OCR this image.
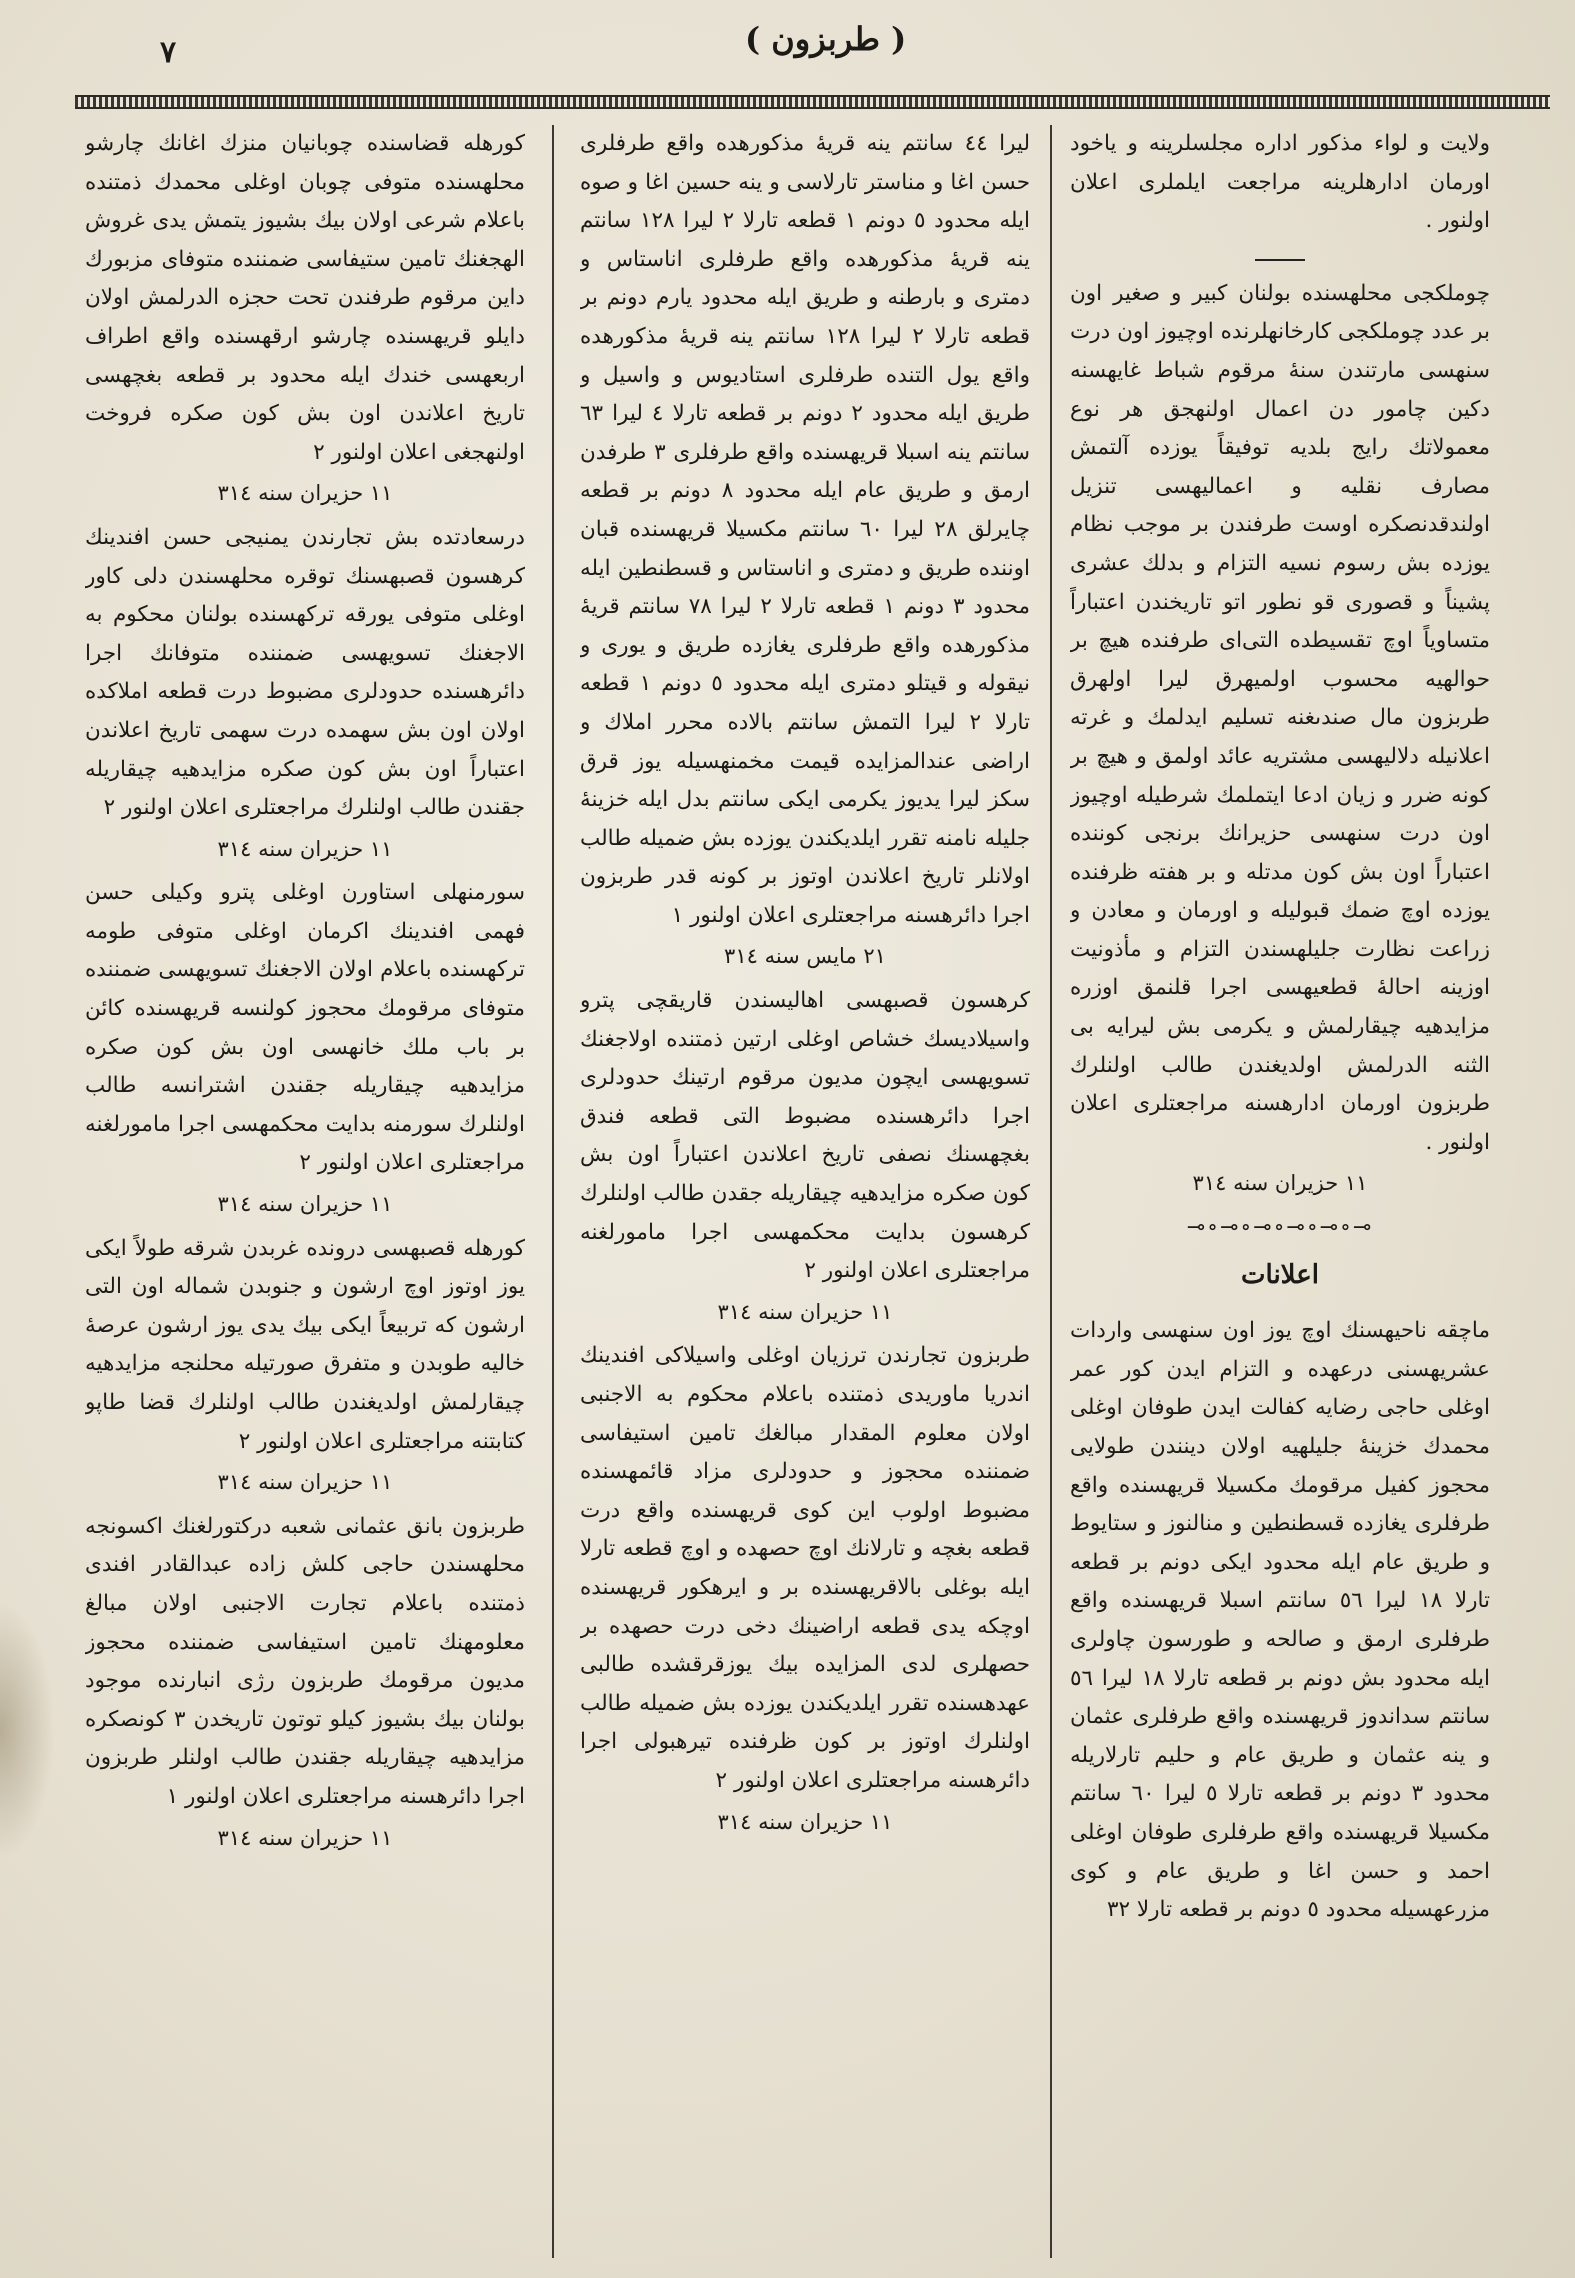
٧	( طربزون )

ولايت و لواء مذكور اداره مجلسلرينه و ياخود اورمان ادارهلرينه مراجعت ايلملرى اعلان اولنور .

چوملكجى محلهسنده بولنان كبير و صغير اون بر عدد چوملكجى كارخانهلرنده اوچيوز اون درت سنهسى مارتندن سنهٔ مرقوم شباط غايهسنه دكين چامور دن اعمال اولنهجق هر نوع معمولاتك رايج بلديه توفيقاً يوزده آلتمش مصارف نقليه و اعماليهسى تنزيل اولندقدنصكره اوست طرفندن بر موجب نظام يوزده بش رسوم نسيه التزام و بدلك عشرى پشيناً و قصورى قو نطور اتو تاريخندن اعتباراً متساوياً اوچ تقسيطده التى‌اى طرفنده هيچ بر حوالهيه محسوب اولميهرق ليرا اولهرق طربزون مال صندىغنه تسليم ايدلمك و غرته اعلانيله دلاليهسى مشتريه عائد اولمق و هيچ بر كونه ضرر و زيان ادعا ايتملمك شرطيله اوچيوز اون درت سنهسى حزيرانك برنجى كوننده اعتباراً اون بش كون مدتله و بر هفته ظرفنده يوزده اوچ ضمك قبوليله و اورمان و معادن و زراعت نظارت جليلهسندن التزام و مأذونيت اوزينه احالهٔ قطعيهسى اجرا قلنمق اوزره مزايدهيه چيقارلمش و يكرمى بش ليرايه بى الثنه الدرلمش اولديغندن طالب اولنلرك طربزون اورمان ادارهسنه مراجعتلرى اعلان اولنور .

١١ حزيران سنه ٣١٤
⊸∘⊸∘⊸∘⊸∘⊸∘⊸
اعلانات

ماچقه ناحيهسنك اوچ يوز اون سنهسى واردات عشريهسنى درعهده و التزام ايدن كور عمر اوغلى حاجى رضايه كفالت ايدن طوفان اوغلى محمدك خزينهٔ جليلهيه اولان دينندن طولايى محجوز كفيل مرقومك مكسيلا قريهسنده واقع طرفلرى يغازده قسطنطين و منالنوز و ستايوط و طريق عام ايله محدود ايكى دونم بر قطعه تارلا ١٨ ليرا ٥٦ سانتم اسبلا قريهسنده واقع طرفلرى ارمق و صالحه و طورسون چاولرى ايله محدود بش دونم بر قطعه تارلا ١٨ ليرا ٥٦ سانتم سداندوز قريهسنده واقع طرفلرى عثمان و ينه عثمان و طريق عام و حليم تارلاريله محدود ٣ دونم بر قطعه تارلا ٥ ليرا ٦٠ سانتم مكسيلا قريهسنده واقع طرفلرى طوفان اوغلى احمد و حسن اغا و طريق عام و كوى مزرعهسيله محدود ٥ دونم بر قطعه تارلا ٣٢

ليرا ٤٤ سانتم ينه قريهٔ مذكورهده واقع طرفلرى حسن اغا و مناستر تارلاسى و ينه حسين اغا و صوه ايله محدود ٥ دونم ١ قطعه تارلا ٢ ليرا ١٢٨ سانتم ينه قريهٔ مذكورهده واقع طرفلرى اناستاس و دمترى و بارطنه و طريق ايله محدود يارم دونم بر قطعه تارلا ٢ ليرا ١٢٨ سانتم ينه قريهٔ مذكورهده واقع يول التنده طرفلرى استاديوس و واسيل و طريق ايله محدود ٢ دونم بر قطعه تارلا ٤ ليرا ٦٣ سانتم ينه اسبلا قريهسنده واقع طرفلرى ٣ طرفدن ارمق و طريق عام ايله محدود ٨ دونم بر قطعه چايرلق ٢٨ ليرا ٦٠ سانتم مكسيلا قريهسنده قبان اوننده طريق و دمترى و اناستاس و قسطنطين ايله محدود ٣ دونم ١ قطعه تارلا ٢ ليرا ٧٨ سانتم قريهٔ مذكورهده واقع طرفلرى يغازده طريق و يورى و نيقوله و قيتلو دمترى ايله محدود ٥ دونم ١ قطعه تارلا ٢ ليرا التمش سانتم بالاده محرر املاك و اراضى عندالمزايده قيمت مخمنهسيله يوز قرق سكز ليرا يديوز يكرمى ايكى سانتم بدل ايله خزينهٔ جليله نامنه تقرر ايلديكندن يوزده بش ضميله طالب اولانلر تاريخ اعلاندن اوتوز بر كونه قدر طربزون اجرا دائرهسنه مراجعتلرى اعلان اولنور ١

٢١ مايس سنه ٣١٤

كرهسون قصبهسى اهاليسندن قاريقچى پترو واسيلاديسك خشاص اوغلى ارتين ذمتنده اولاجغنك تسويهسى ايچون مديون مرقوم ارتينك حدودلرى اجرا دائرهسنده مضبوط التى قطعه فندق بغچهسنك نصفى تاريخ اعلاندن اعتباراً اون بش كون صكره مزايدهيه چيقاريله جقدن طالب اولنلرك كرهسون بدايت محكمهسى اجرا مامورلغنه مراجعتلرى اعلان اولنور ٢

١١ حزيران سنه ٣١٤

طربزون تجارندن ترزيان اوغلى واسيلاكى افندينك اندريا ماوريدى ذمتنده باعلام محكوم به الاجنبى اولان معلوم المقدار مبالغك تامين استيفاسى ضمننده محجوز و حدودلرى مزاد قائمهسنده مضبوط اولوب اين كوى قريهسنده واقع درت قطعه بغچه و تارلانك اوچ حصهده و اوچ قطعه تارلا ايله بوغلى بالاقريهسنده بر و ايرهكور قريهسنده اوچكه يدى قطعه اراضينك دخى درت حصهده بر حصهلرى لدى المزايده بيك يوزقرقشده طالبى عهدهسنده تقرر ايلديكندن يوزده بش ضميله طالب اولنلرك اوتوز بر كون ظرفنده تيرهبولى اجرا دائرهسنه مراجعتلرى اعلان اولنور ٢

١١ حزيران سنه ٣١٤

كورهله قضاسنده چوبانيان منزك اغانك چارشو محلهسنده متوفى چوبان اوغلى محمدك ذمتنده باعلام شرعى اولان بيك بشيوز يتمش يدى غروش الهجغنك تامين ستيفاسى ضمننده متوفاى مزبورك داين مرقوم طرفندن تحت حجزه الدرلمش اولان دايلو قريهسنده چارشو ارقهسنده واقع اطراف اربعهسى خندك ايله محدود بر قطعه بغچهسى تاريخ اعلاندن اون بش كون صكره فروخت اولنهجغى اعلان اولنور ٢

١١ حزيران سنه ٣١٤

درسعادتده بش تجارندن يمنيجى حسن افندينك كرهسون قصبهسنك توقره محلهسندن دلى كاور اوغلى متوفى يورقه تركهسنده بولنان محكوم به الاجغنك تسويهسى ضمننده متوفانك اجرا دائرهسنده حدودلرى مضبوط درت قطعه املاكده اولان اون بش سهمده درت سهمى تاريخ اعلاندن اعتباراً اون بش كون صكره مزايدهيه چيقاريله جقندن طالب اولنلرك مراجعتلرى اعلان اولنور ٢

١١ حزيران سنه ٣١٤

سورمنهلى استاورن اوغلى پترو وكيلى حسن فهمى افندينك اكرمان اوغلى متوفى طومه تركهسنده باعلام اولان الاجغنك تسويهسى ضمننده متوفاى مرقومك محجوز كولنسه قريهسنده كائن بر باب ملك خانهسى اون بش كون صكره مزايدهيه چيقاريله جقندن اشترانسه طالب اولنلرك سورمنه بدايت محكمهسى اجرا مامورلغنه مراجعتلرى اعلان اولنور ٢

١١ حزيران سنه ٣١٤

كورهله قصبهسى درونده غربدن شرقه طولاً ايكى يوز اوتوز اوچ ارشون و جنوبدن شماله اون التى ارشون كه تربيعاً ايكى بيك يدى يوز ارشون عرصهٔ خاليه طوبدن و متفرق صورتيله محلنجه مزايدهيه چيقارلمش اولديغندن طالب اولنلرك قضا طاپو كتابتنه مراجعتلرى اعلان اولنور ٢

١١ حزيران سنه ٣١٤

طربزون بانق عثمانى شعبه دركتورلغنك اكسونجه محلهسندن حاجى كلش زاده عبدالقادر افندى ذمتنده باعلام تجارت الاجنبى اولان مبالغ معلومهنك تامين استيفاسى ضمننده محجوز مديون مرقومك طربزون رژى انبارنده موجود بولنان بيك بشيوز كيلو توتون تاريخدن ٣ كونصكره مزايدهيه چيقاريله جقندن طالب اولنلر طربزون اجرا دائرهسنه مراجعتلرى اعلان اولنور ١

١١ حزيران سنه ٣١٤
